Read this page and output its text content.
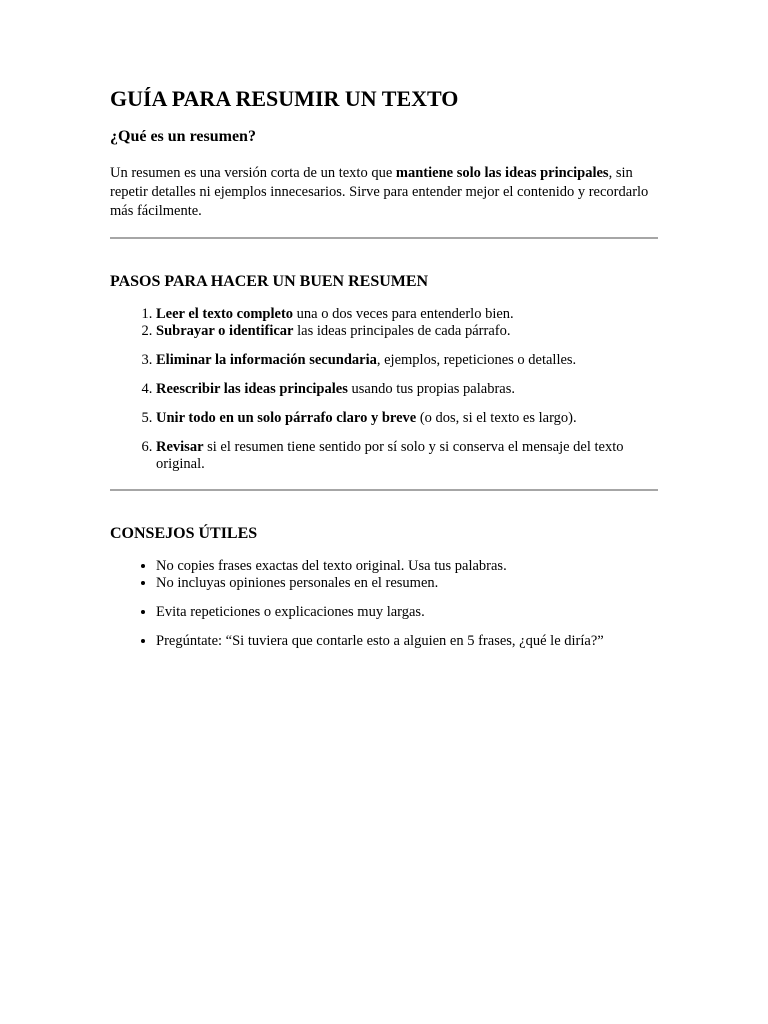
GUÍA PARA RESUMIR UN TEXTO
¿Qué es un resumen?

Un resumen es una versión corta de un texto que mantiene solo las ideas principales, sin repetir detalles ni ejemplos innecesarios. Sirve para entender mejor el contenido y recordarlo más fácilmente.

PASOS PARA HACER UN BUEN RESUMEN
1. Leer el texto completo una o dos veces para entenderlo bien.
2. Subrayar o identificar las ideas principales de cada párrafo.
3. Eliminar la información secundaria, ejemplos, repeticiones o detalles.
4. Reescribir las ideas principales usando tus propias palabras.
5. Unir todo en un solo párrafo claro y breve (o dos, si el texto es largo).
6. Revisar si el resumen tiene sentido por sí solo y si conserva el mensaje del texto original.
CONSEJOS ÚTILES
• No copies frases exactas del texto original. Usa tus palabras.
• No incluyas opiniones personales en el resumen.
• Evita repeticiones o explicaciones muy largas.
• Pregúntate: “Si tuviera que contarle esto a alguien en 5 frases, ¿qué le diría?”
